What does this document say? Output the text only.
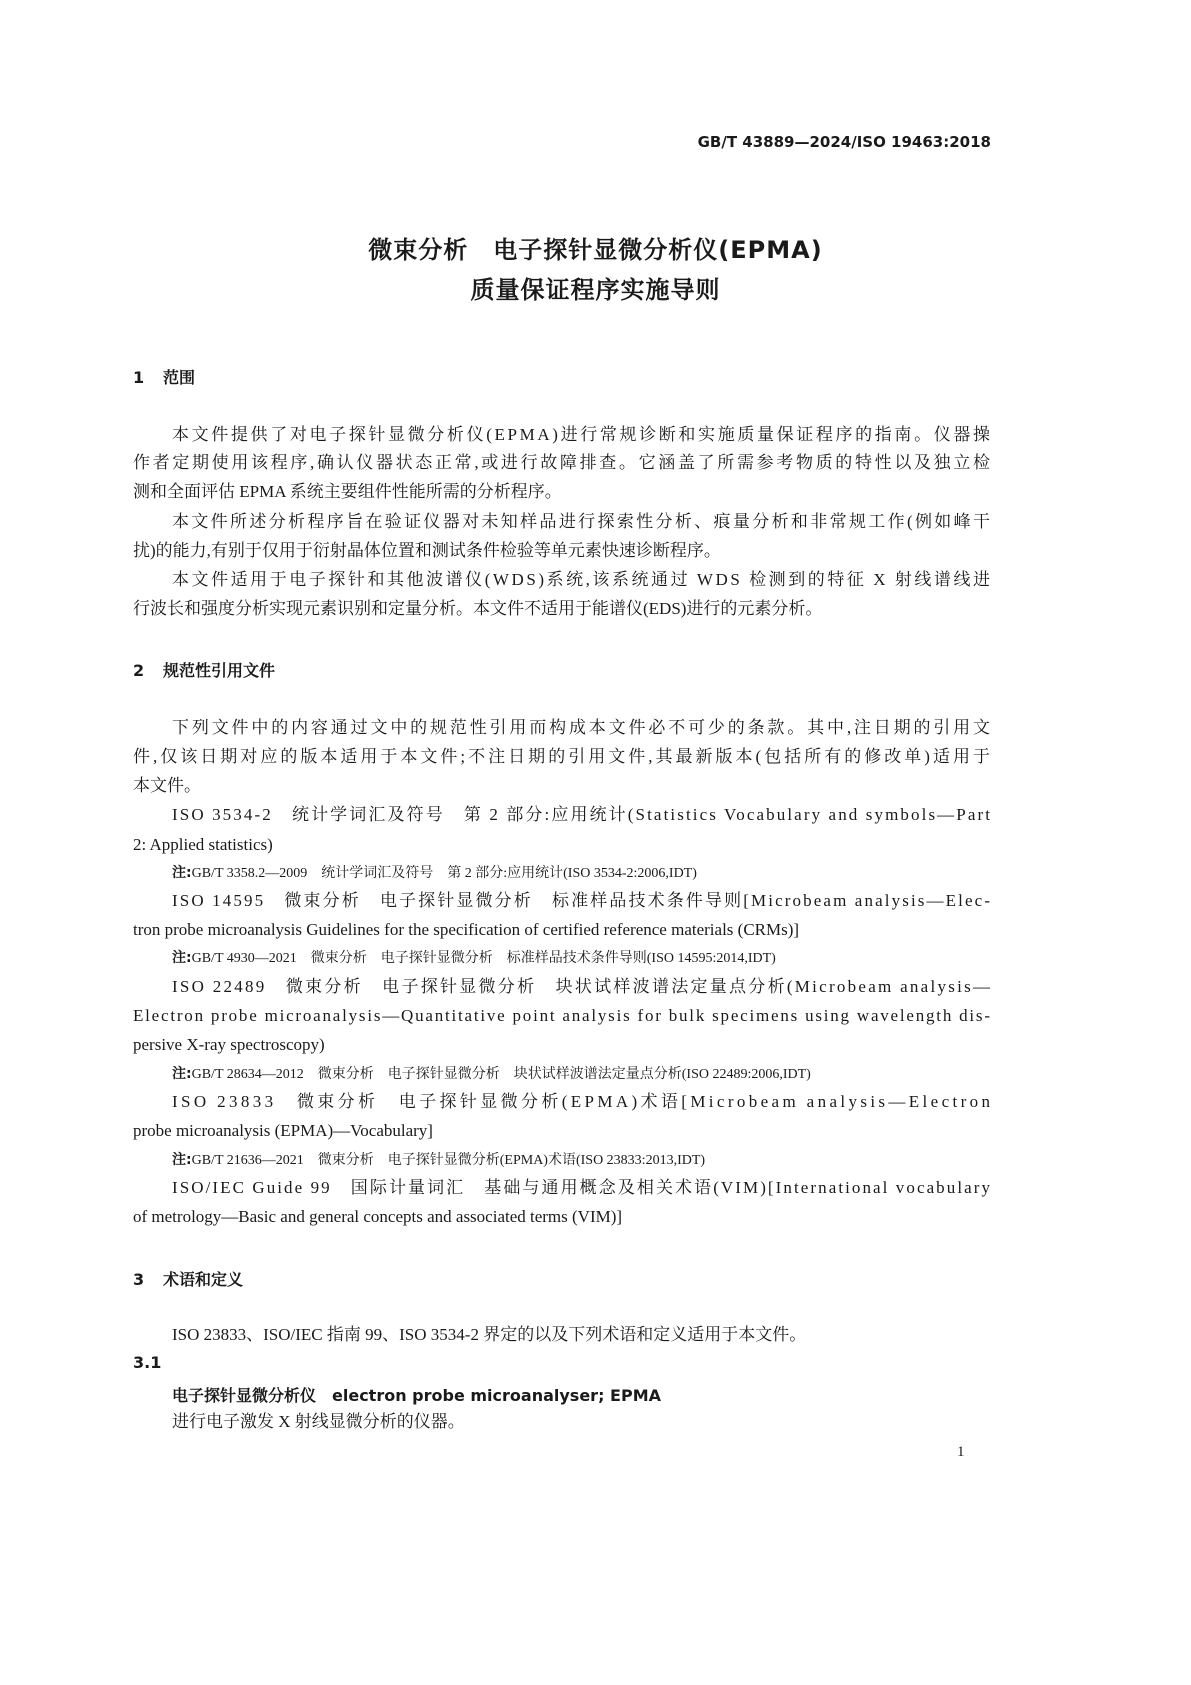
GB/T 43889—2024/ISO 19463:2018
微束分析　电子探针显微分析仪(EPMA)
质量保证程序实施导则
1 范围
本文件提供了对电子探针显微分析仪(EPMA)进行常规诊断和实施质量保证程序的指南。仪器操
作者定期使用该程序,确认仪器状态正常,或进行故障排查。它涵盖了所需参考物质的特性以及独立检
测和全面评估 EPMA 系统主要组件性能所需的分析程序。
本文件所述分析程序旨在验证仪器对未知样品进行探索性分析、痕量分析和非常规工作(例如峰干
扰)的能力,有别于仅用于衍射晶体位置和测试条件检验等单元素快速诊断程序。
本文件适用于电子探针和其他波谱仪(WDS)系统,该系统通过 WDS 检测到的特征 X 射线谱线进
行波长和强度分析实现元素识别和定量分析。本文件不适用于能谱仪(EDS)进行的元素分析。
2 规范性引用文件
下列文件中的内容通过文中的规范性引用而构成本文件必不可少的条款。其中,注日期的引用文
件,仅该日期对应的版本适用于本文件;不注日期的引用文件,其最新版本(包括所有的修改单)适用于
本文件。
ISO 3534-2　统计学词汇及符号　第 2 部分:应用统计(Statistics Vocabulary and symbols—Part
2: Applied statistics)
注:GB/T 3358.2—2009　统计学词汇及符号　第 2 部分:应用统计(ISO 3534-2:2006,IDT)
ISO 14595　微束分析　电子探针显微分析　标准样品技术条件导则[Microbeam analysis—Elec-
tron probe microanalysis Guidelines for the specification of certified reference materials (CRMs)]
注:GB/T 4930—2021　微束分析　电子探针显微分析　标准样品技术条件导则(ISO 14595:2014,IDT)
ISO 22489　微束分析　电子探针显微分析　块状试样波谱法定量点分析(Microbeam analysis—
Electron probe microanalysis—Quantitative point analysis for bulk specimens using wavelength dis-
persive X-ray spectroscopy)
注:GB/T 28634—2012　微束分析　电子探针显微分析　块状试样波谱法定量点分析(ISO 22489:2006,IDT)
ISO 23833　微束分析　电子探针显微分析(EPMA)术语[Microbeam analysis—Electron
probe microanalysis (EPMA)—Vocabulary]
注:GB/T 21636—2021　微束分析　电子探针显微分析(EPMA)术语(ISO 23833:2013,IDT)
ISO/IEC Guide 99　国际计量词汇　基础与通用概念及相关术语(VIM)[International vocabulary
of metrology—Basic and general concepts and associated terms (VIM)]
3 术语和定义
ISO 23833、ISO/IEC 指南 99、ISO 3534-2 界定的以及下列术语和定义适用于本文件。
3.1
电子探针显微分析仪　electron probe microanalyser; EPMA
进行电子激发 X 射线显微分析的仪器。
1
